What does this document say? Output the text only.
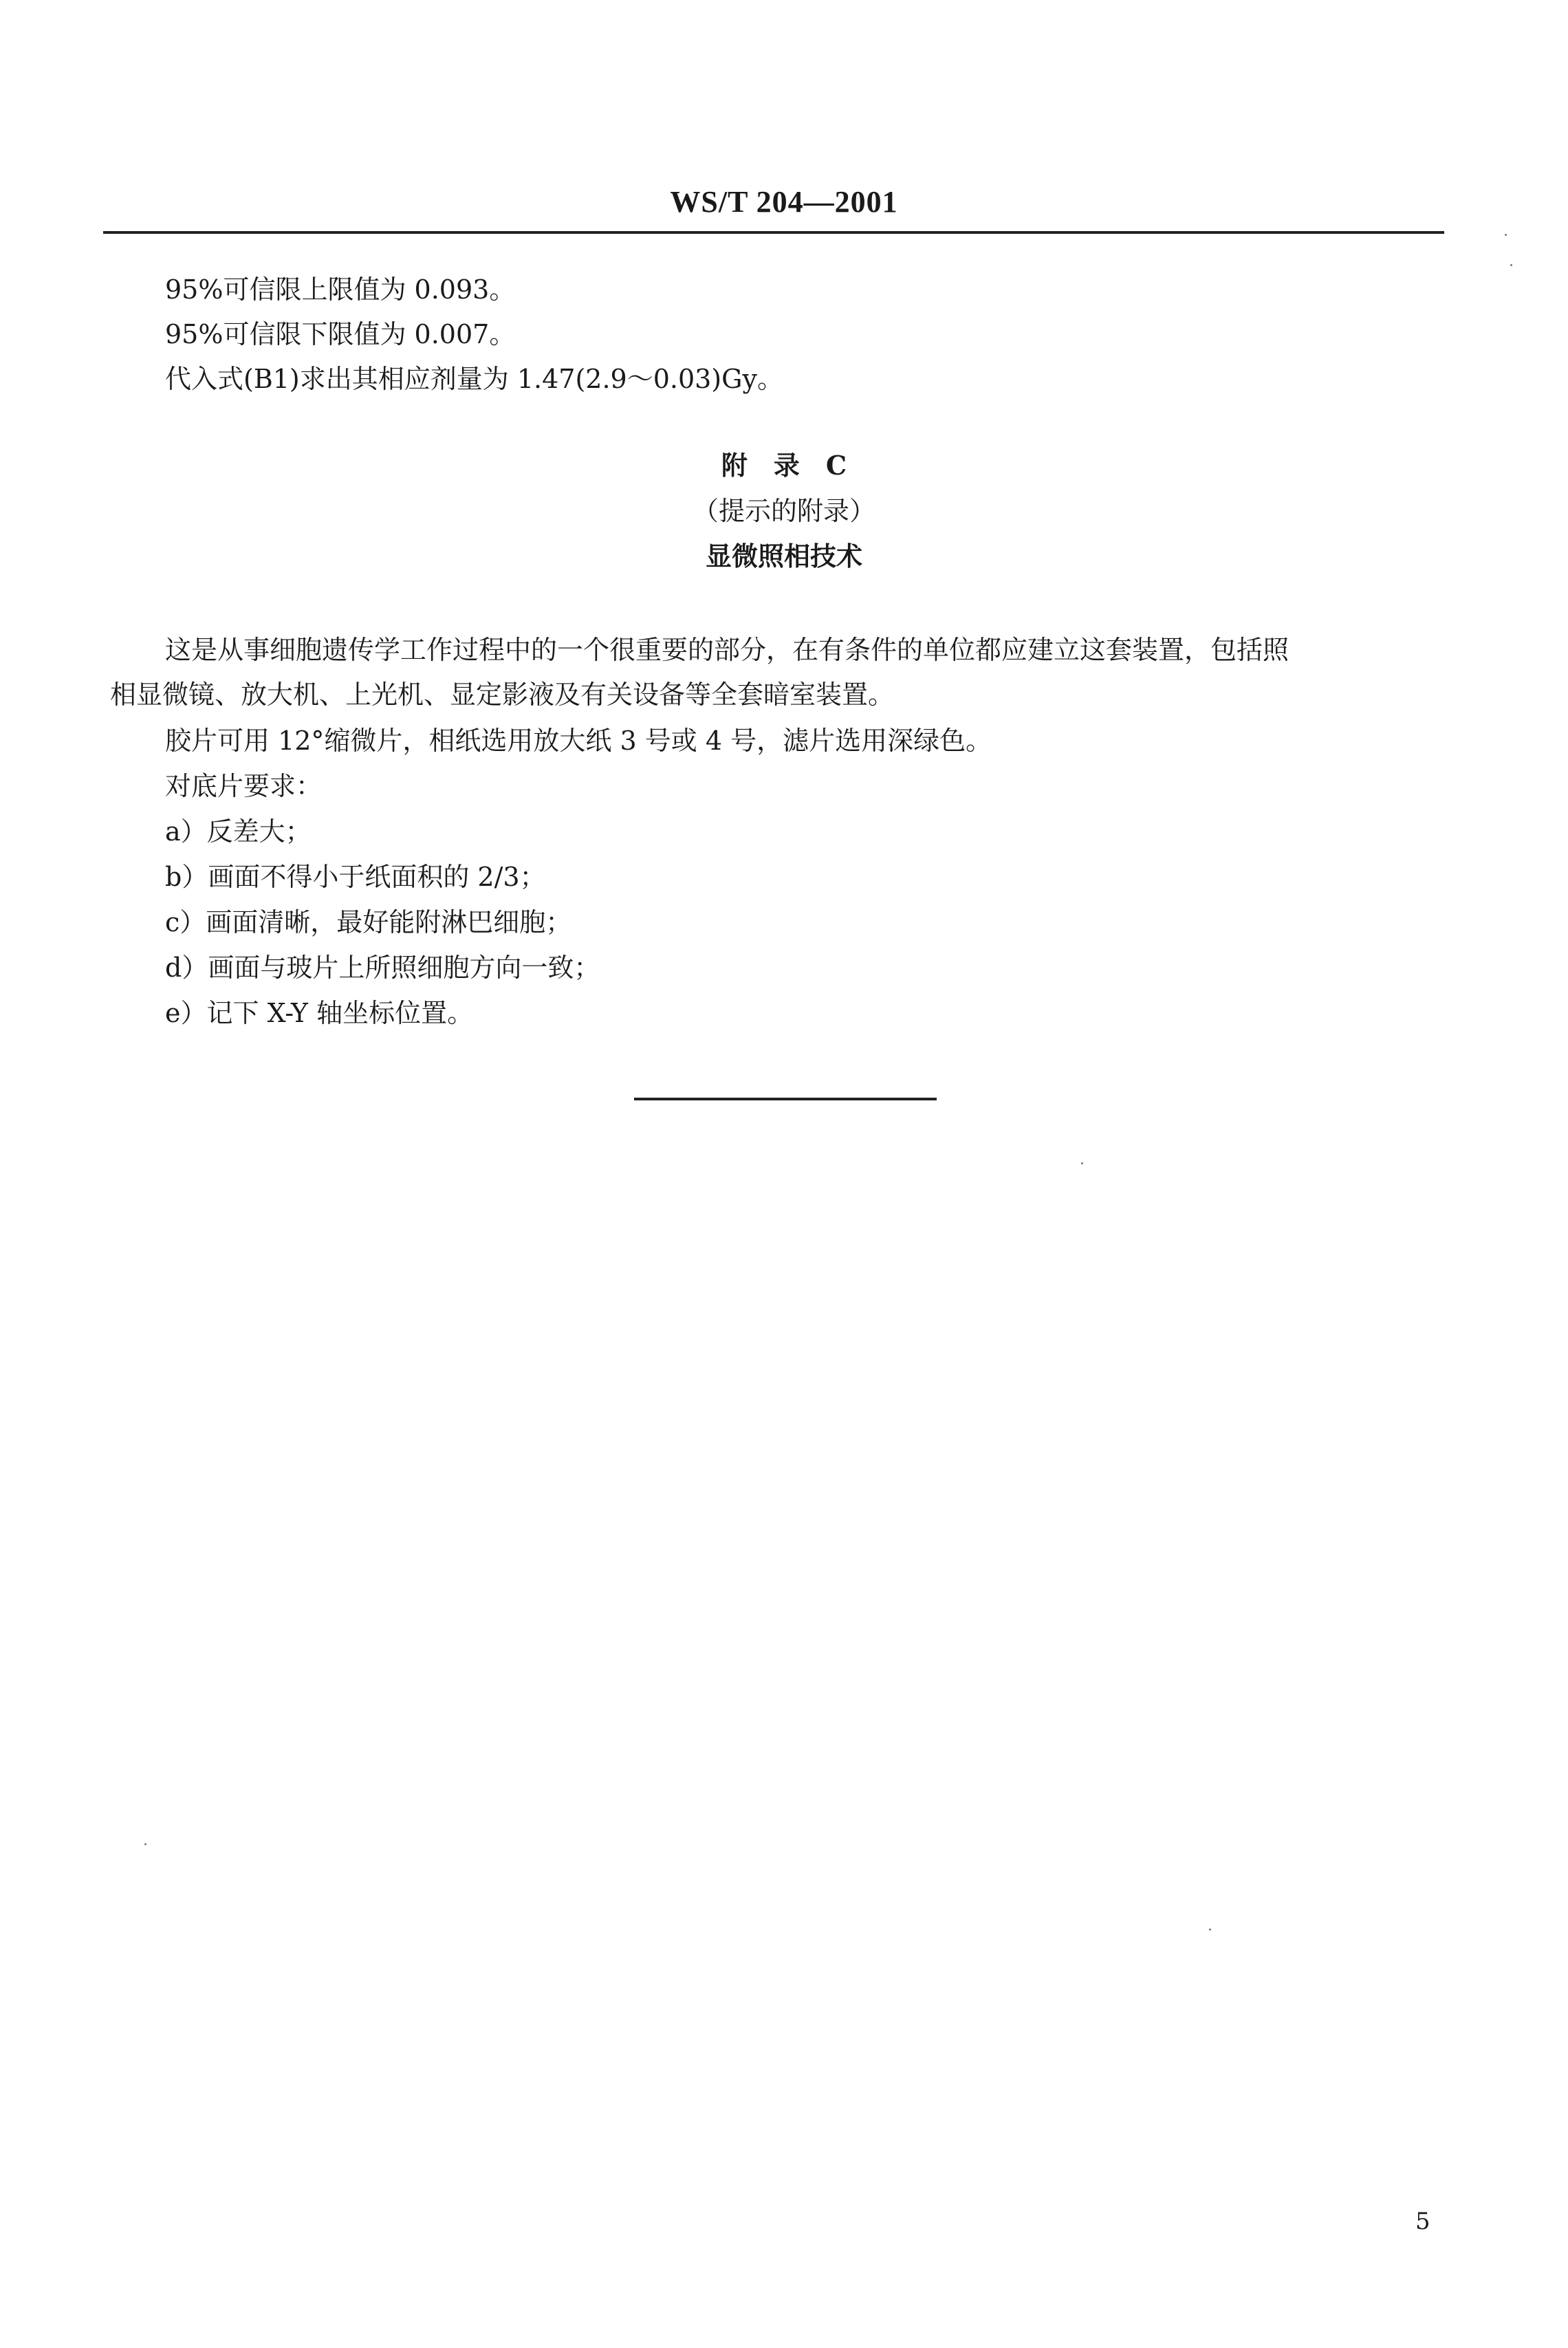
WS/T 204—2001
95%可信限上限值为 0.093。
95%可信限下限值为 0.007。
代入式(B1)求出其相应剂量为 1.47(2.9～0.03)Gy。
附　录　C
（提示的附录）
显微照相技术
这是从事细胞遗传学工作过程中的一个很重要的部分，在有条件的单位都应建立这套装置，包括照
相显微镜、放大机、上光机、显定影液及有关设备等全套暗室装置。
胶片可用 12°缩微片，相纸选用放大纸 3 号或 4 号，滤片选用深绿色。
对底片要求：
a）反差大；
b）画面不得小于纸面积的 2/3；
c）画面清晰，最好能附淋巴细胞；
d）画面与玻片上所照细胞方向一致；
e）记下 X-Y 轴坐标位置。
5
